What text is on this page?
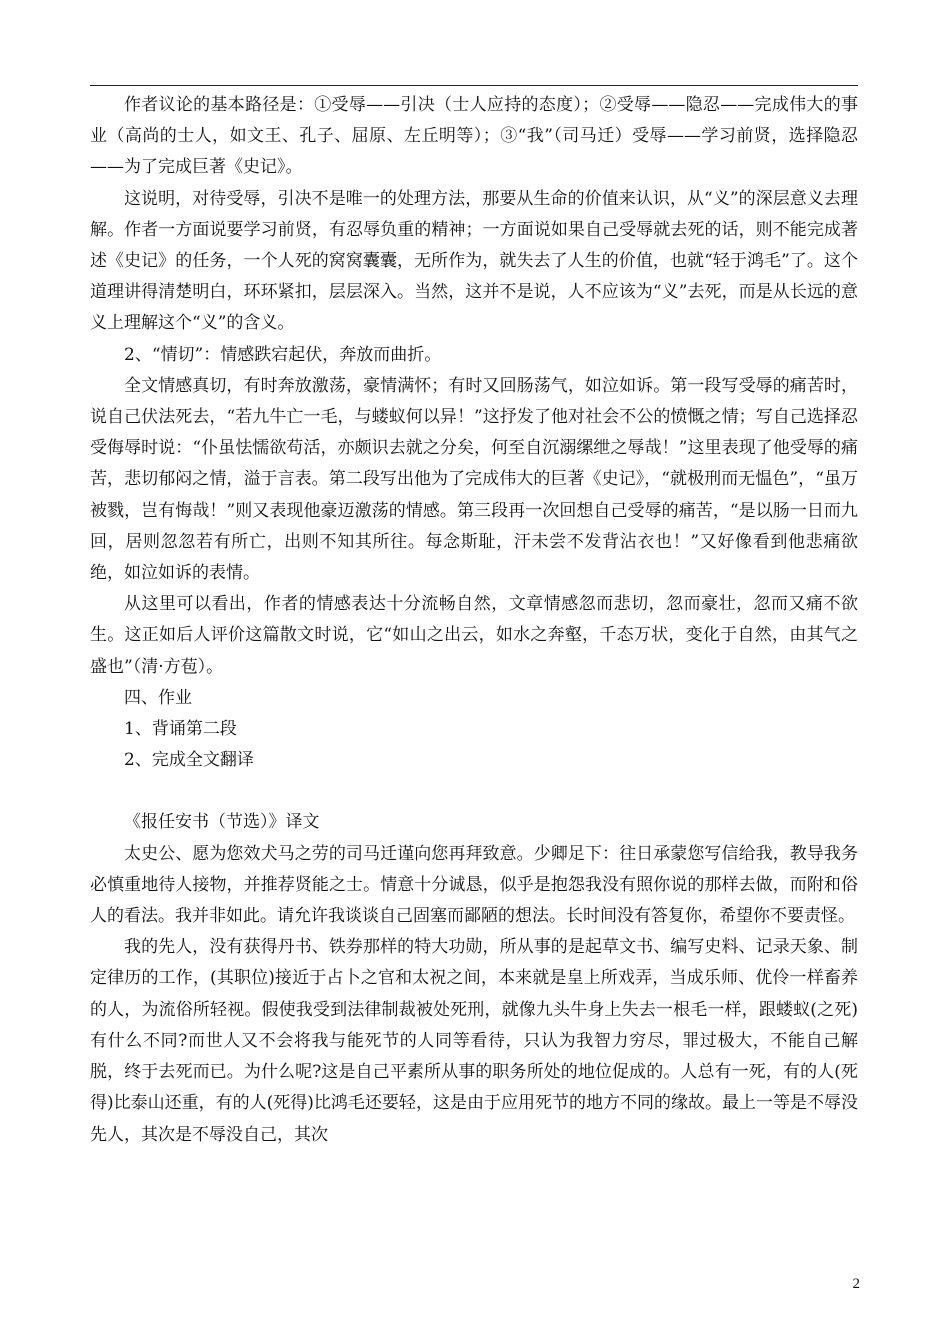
作者议论的基本路径是：①受辱——引决（士人应持的态度）；②受辱——隐忍——完成伟大的事业（高尚的士人，如文王、孔子、屈原、左丘明等）；③“我”（司马迁）受辱——学习前贤，选择隐忍——为了完成巨著《史记》。

这说明，对待受辱，引决不是唯一的处理方法，那要从生命的价值来认识，从“义”的深层意义去理解。作者一方面说要学习前贤，有忍辱负重的精神；一方面说如果自己受辱就去死的话，则不能完成著述《史记》的任务，一个人死的窝窝囊囊，无所作为，就失去了人生的价值，也就“轻于鸿毛”了。这个道理讲得清楚明白，环环紧扣，层层深入。当然，这并不是说，人不应该为“义”去死，而是从长远的意义上理解这个“义”的含义。

2、“情切”：情感跌宕起伏，奔放而曲折。

全文情感真切，有时奔放激荡，豪情满怀；有时又回肠荡气，如泣如诉。第一段写受辱的痛苦时，说自己伏法死去，“若九牛亡一毛，与蝼蚁何以异！”这抒发了他对社会不公的愤慨之情；写自己选择忍受侮辱时说：“仆虽怯懦欲苟活，亦颇识去就之分矣，何至自沉溺缧绁之辱哉！”这里表现了他受辱的痛苦，悲切郁闷之情，溢于言表。第二段写出他为了完成伟大的巨著《史记》，“就极刑而无愠色”，“虽万被戮，岂有悔哉！”则又表现他豪迈激荡的情感。第三段再一次回想自己受辱的痛苦，“是以肠一日而九回，居则忽忽若有所亡，出则不知其所往。每念斯耻，汗未尝不发背沾衣也！”又好像看到他悲痛欲绝，如泣如诉的表情。

从这里可以看出，作者的情感表达十分流畅自然，文章情感忽而悲切，忽而豪壮，忽而又痛不欲生。这正如后人评价这篇散文时说，它“如山之出云，如水之奔壑，千态万状，变化于自然，由其气之盛也”（清·方苞）。

四、作业

1、背诵第二段

2、完成全文翻译

《报任安书（节选）》译文

太史公、愿为您效犬马之劳的司马迁谨向您再拜致意。少卿足下：往日承蒙您写信给我，教导我务必慎重地待人接物，并推荐贤能之士。情意十分诚恳，似乎是抱怨我没有照你说的那样去做，而附和俗人的看法。我并非如此。请允许我谈谈自己固塞而鄙陋的想法。长时间没有答复你，希望你不要责怪。

我的先人，没有获得丹书、铁券那样的特大功勋，所从事的是起草文书、编写史料、记录天象、制定律历的工作，(其职位)接近于占卜之官和太祝之间，本来就是皇上所戏弄，当成乐师、优伶一样畜养的人，为流俗所轻视。假使我受到法律制裁被处死刑，就像九头牛身上失去一根毛一样，跟蝼蚁(之死)有什么不同?而世人又不会将我与能死节的人同等看待，只认为我智力穷尽，罪过极大，不能自己解脱，终于去死而已。为什么呢?这是自己平素所从事的职务所处的地位促成的。人总有一死，有的人(死得)比泰山还重，有的人(死得)比鸿毛还要轻，这是由于应用死节的地方不同的缘故。最上一等是不辱没先人，其次是不辱没自己，其次

2
